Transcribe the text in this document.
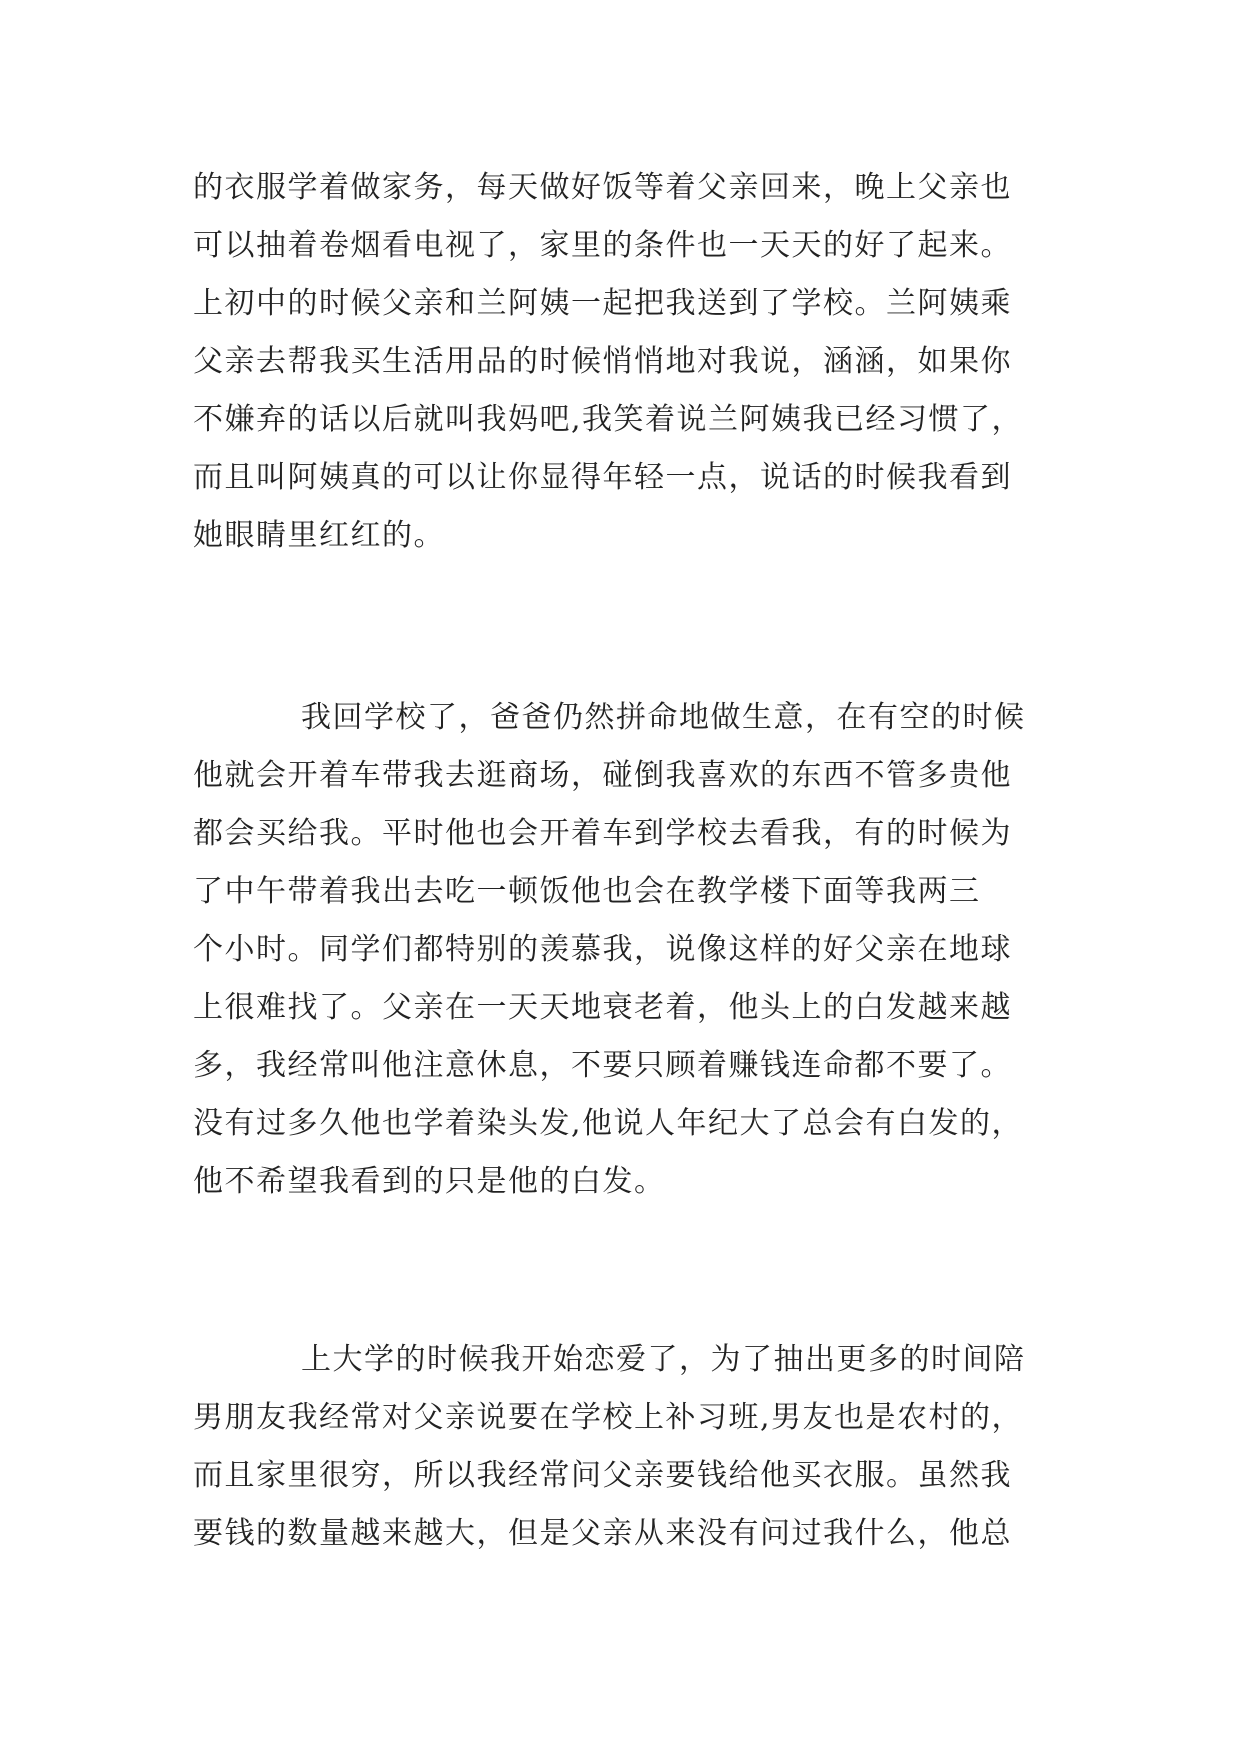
的衣服学着做家务，每天做好饭等着父亲回来，晚上父亲也
可以抽着卷烟看电视了，家里的条件也一天天的好了起来。
上初中的时候父亲和兰阿姨一起把我送到了学校。兰阿姨乘
父亲去帮我买生活用品的时候悄悄地对我说，涵涵，如果你
不嫌弃的话以后就叫我妈吧,我笑着说兰阿姨我已经习惯了，
而且叫阿姨真的可以让你显得年轻一点，说话的时候我看到
她眼睛里红红的。
我回学校了，爸爸仍然拼命地做生意，在有空的时候
他就会开着车带我去逛商场，碰倒我喜欢的东西不管多贵他
都会买给我。平时他也会开着车到学校去看我，有的时候为
了中午带着我出去吃一顿饭他也会在教学楼下面等我两三
个小时。同学们都特别的羡慕我，说像这样的好父亲在地球
上很难找了。父亲在一天天地衰老着，他头上的白发越来越
多，我经常叫他注意休息，不要只顾着赚钱连命都不要了。
没有过多久他也学着染头发,他说人年纪大了总会有白发的，
他不希望我看到的只是他的白发。
上大学的时候我开始恋爱了，为了抽出更多的时间陪
男朋友我经常对父亲说要在学校上补习班,男友也是农村的，
而且家里很穷，所以我经常问父亲要钱给他买衣服。虽然我
要钱的数量越来越大，但是父亲从来没有问过我什么，他总
